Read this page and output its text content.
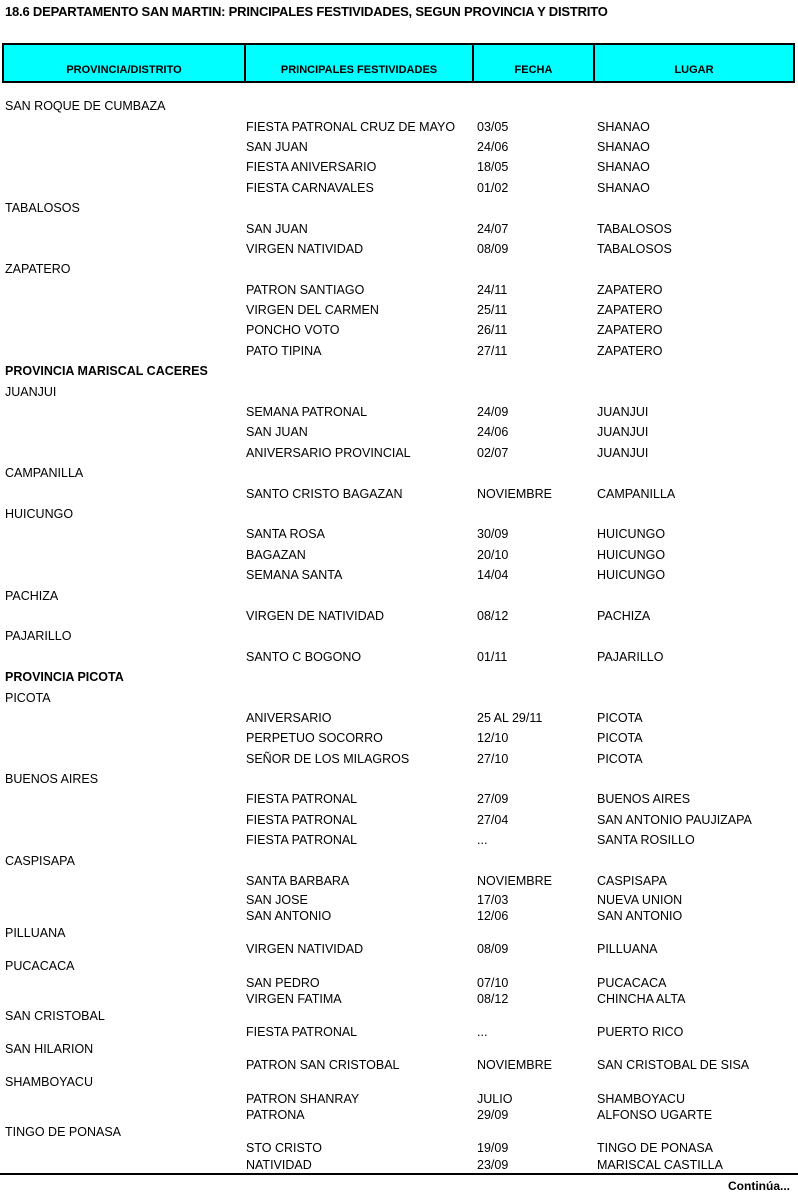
18.6 DEPARTAMENTO SAN MARTIN: PRINCIPALES FESTIVIDADES, SEGUN PROVINCIA Y DISTRITO
PROVINCIA/DISTRITO	PRINCIPALES FESTIVIDADES	FECHA	LUGAR
SAN ROQUE DE CUMBAZA
FIESTA PATRONAL CRUZ DE MAYO	03/05	SHANAO
SAN JUAN	24/06	SHANAO
FIESTA ANIVERSARIO	18/05	SHANAO
FIESTA CARNAVALES	01/02	SHANAO
TABALOSOS
SAN JUAN	24/07	TABALOSOS
VIRGEN NATIVIDAD	08/09	TABALOSOS
ZAPATERO
PATRON SANTIAGO	24/11	ZAPATERO
VIRGEN DEL CARMEN	25/11	ZAPATERO
PONCHO VOTO	26/11	ZAPATERO
PATO TIPINA	27/11	ZAPATERO
PROVINCIA MARISCAL CACERES
JUANJUI
SEMANA PATRONAL	24/09	JUANJUI
SAN JUAN	24/06	JUANJUI
ANIVERSARIO PROVINCIAL	02/07	JUANJUI
CAMPANILLA
SANTO CRISTO BAGAZAN	NOVIEMBRE	CAMPANILLA
HUICUNGO
SANTA ROSA	30/09	HUICUNGO
BAGAZAN	20/10	HUICUNGO
SEMANA SANTA	14/04	HUICUNGO
PACHIZA
VIRGEN DE NATIVIDAD	08/12	PACHIZA
PAJARILLO
SANTO C BOGONO	01/11	PAJARILLO
PROVINCIA PICOTA
PICOTA
ANIVERSARIO	25 AL 29/11	PICOTA
PERPETUO SOCORRO	12/10	PICOTA
SEÑOR DE LOS MILAGROS	27/10	PICOTA
BUENOS AIRES
FIESTA PATRONAL	27/09	BUENOS AIRES
FIESTA PATRONAL	27/04	SAN ANTONIO PAUJIZAPA
FIESTA PATRONAL	...	SANTA ROSILLO
CASPISAPA
SANTA BARBARA	NOVIEMBRE	CASPISAPA
SAN JOSE	17/03	NUEVA UNION
SAN ANTONIO	12/06	SAN ANTONIO
PILLUANA
VIRGEN NATIVIDAD	08/09	PILLUANA
PUCACACA
SAN PEDRO	07/10	PUCACACA
VIRGEN FATIMA	08/12	CHINCHA ALTA
SAN CRISTOBAL
FIESTA PATRONAL	...	PUERTO RICO
SAN HILARION
PATRON SAN CRISTOBAL	NOVIEMBRE	SAN CRISTOBAL DE SISA
SHAMBOYACU
PATRON SHANRAY	JULIO	SHAMBOYACU
PATRONA	29/09	ALFONSO UGARTE
TINGO DE PONASA
STO CRISTO	19/09	TINGO DE PONASA
NATIVIDAD	23/09	MARISCAL CASTILLA
Continúa...
